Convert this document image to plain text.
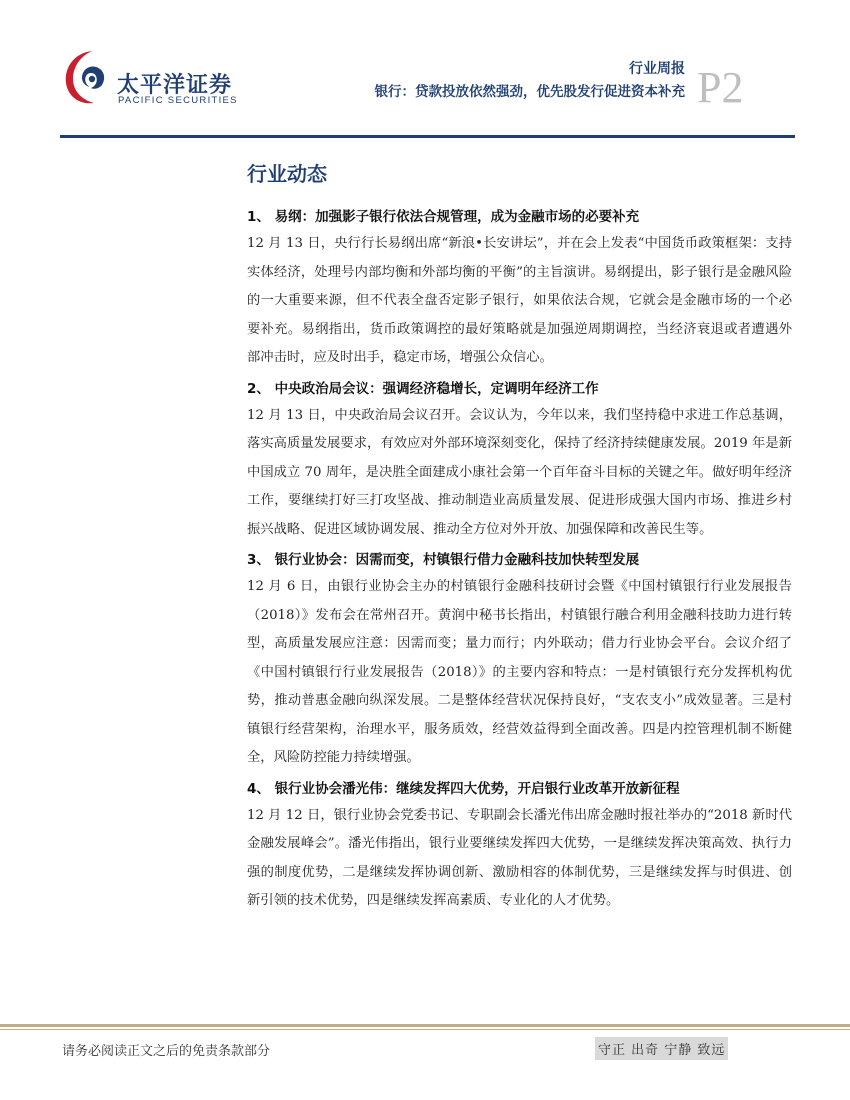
太平洋证券
PACIFIC SECURITIES
行业周报
银行：贷款投放依然强劲，优先股发行促进资本补充 P2
行业动态

1、 易纲：加强影子银行依法合规管理，成为金融市场的必要补充

12 月 13 日，央行行长易纲出席“新浪•长安讲坛”，并在会上发表“中国货币政策框架：支持实体经济，处理号内部均衡和外部均衡的平衡”的主旨演讲。易纲提出，影子银行是金融风险的一大重要来源，但不代表全盘否定影子银行，如果依法合规，它就会是金融市场的一个必要补充。易纲指出，货币政策调控的最好策略就是加强逆周期调控，当经济衰退或者遭遇外部冲击时，应及时出手，稳定市场，增强公众信心。

2、 中央政治局会议：强调经济稳增长，定调明年经济工作

12 月 13 日，中央政治局会议召开。会议认为，今年以来，我们坚持稳中求进工作总基调，落实高质量发展要求，有效应对外部环境深刻变化，保持了经济持续健康发展。2019 年是新中国成立 70 周年，是决胜全面建成小康社会第一个百年奋斗目标的关键之年。做好明年经济工作，要继续打好三打攻坚战、推动制造业高质量发展、促进形成强大国内市场、推进乡村振兴战略、促进区域协调发展、推动全方位对外开放、加强保障和改善民生等。

3、 银行业协会：因需而变，村镇银行借力金融科技加快转型发展

12 月 6 日，由银行业协会主办的村镇银行金融科技研讨会暨《中国村镇银行行业发展报告（2018）》发布会在常州召开。黄润中秘书长指出，村镇银行融合利用金融科技助力进行转型，高质量发展应注意：因需而变；量力而行；内外联动；借力行业协会平台。会议介绍了《中国村镇银行行业发展报告（2018）》的主要内容和特点：一是村镇银行充分发挥机构优势，推动普惠金融向纵深发展。二是整体经营状况保持良好，“支农支小”成效显著。三是村镇银行经营架构，治理水平，服务质效，经营效益得到全面改善。四是内控管理机制不断健全，风险防控能力持续增强。

4、 银行业协会潘光伟：继续发挥四大优势，开启银行业改革开放新征程

12 月 12 日，银行业协会党委书记、专职副会长潘光伟出席金融时报社举办的“2018 新时代金融发展峰会”。潘光伟指出，银行业要继续发挥四大优势，一是继续发挥决策高效、执行力强的制度优势，二是继续发挥协调创新、激励相容的体制优势，三是继续发挥与时俱进、创新引领的技术优势，四是继续发挥高素质、专业化的人才优势。

请务必阅读正文之后的免责条款部分	守正 出奇 宁静 致远
